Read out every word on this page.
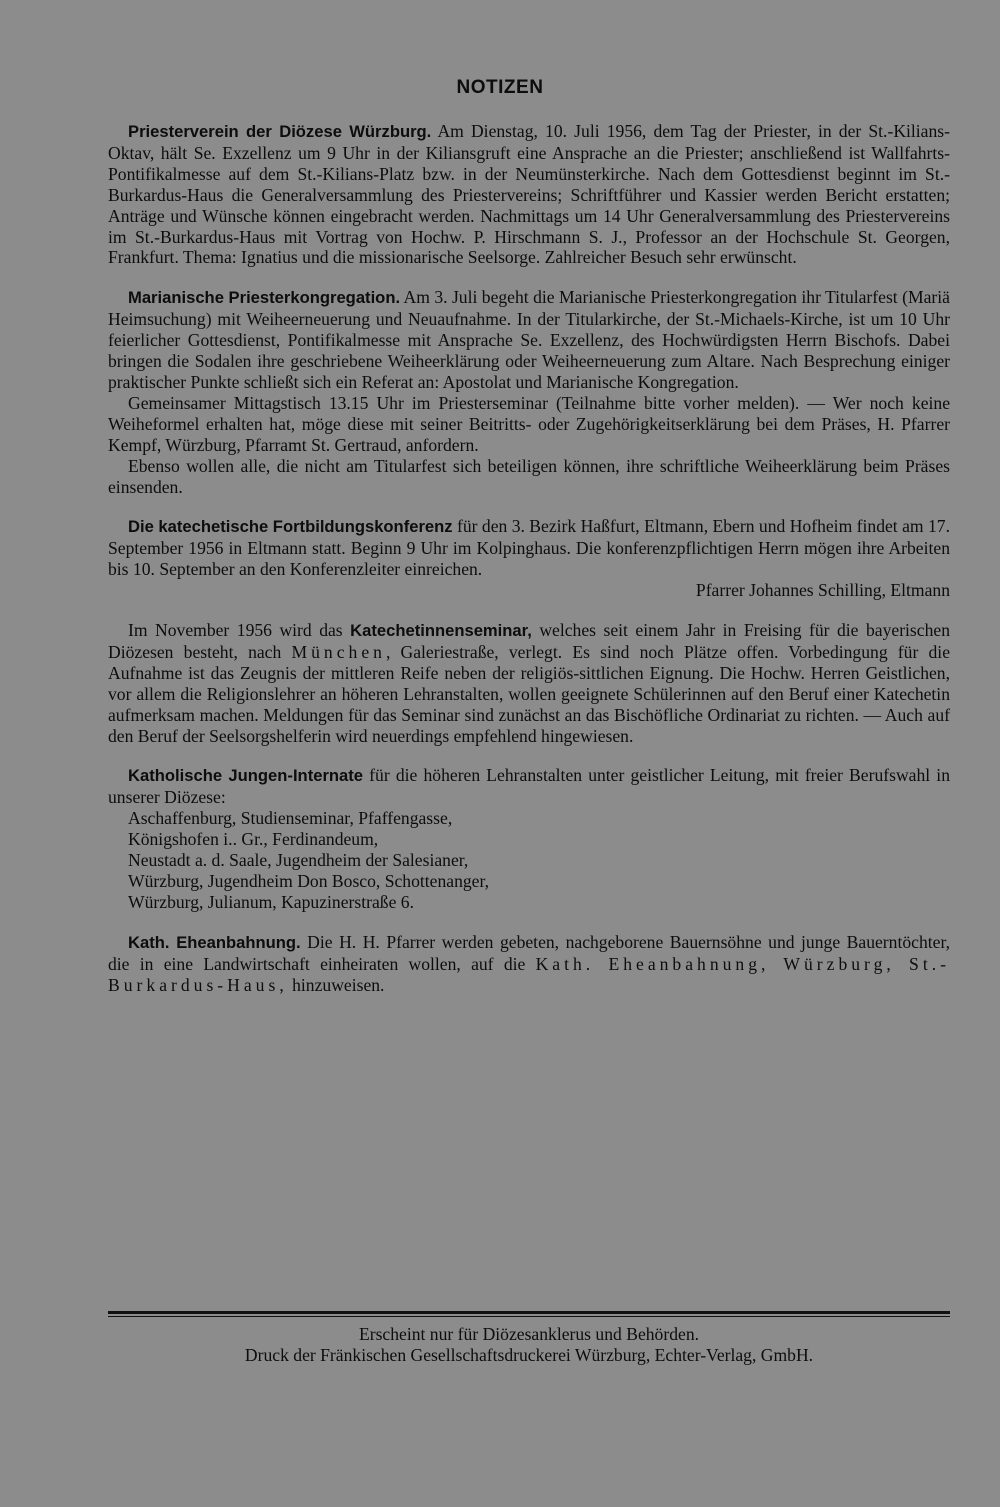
NOTIZEN

Priesterverein der Diözese Würzburg. Am Dienstag, 10. Juli 1956, dem Tag der Priester, in der St.-Kilians-Oktav, hält Se. Exzellenz um 9 Uhr in der Kiliansgruft eine Ansprache an die Priester; anschließend ist Wallfahrts-Pontifikalmesse auf dem St.-Kilians-Platz bzw. in der Neumünsterkirche. Nach dem Gottesdienst beginnt im St.-Burkardus-Haus die Generalversammlung des Priestervereins; Schriftführer und Kassier werden Bericht erstatten; Anträge und Wünsche können eingebracht werden. Nachmittags um 14 Uhr Generalversammlung des Priestervereins im St.-Burkardus-Haus mit Vortrag von Hochw. P. Hirschmann S. J., Professor an der Hochschule St. Georgen, Frankfurt. Thema: Ignatius und die missionarische Seelsorge. Zahlreicher Besuch sehr erwünscht.

Marianische Priesterkongregation. Am 3. Juli begeht die Marianische Priesterkongregation ihr Titularfest (Mariä Heimsuchung) mit Weiheerneuerung und Neuaufnahme. In der Titularkirche, der St.-Michaels-Kirche, ist um 10 Uhr feierlicher Gottesdienst, Pontifikalmesse mit Ansprache Se. Exzellenz, des Hochwürdigsten Herrn Bischofs. Dabei bringen die Sodalen ihre geschriebene Weiheerklärung oder Weiheerneuerung zum Altare. Nach Besprechung einiger praktischer Punkte schließt sich ein Referat an: Apostolat und Marianische Kongregation.

Gemeinsamer Mittagstisch 13.15 Uhr im Priesterseminar (Teilnahme bitte vorher melden). — Wer noch keine Weiheformel erhalten hat, möge diese mit seiner Beitritts- oder Zugehörigkeitserklärung bei dem Präses, H. Pfarrer Kempf, Würzburg, Pfarramt St. Gertraud, anfordern.

Ebenso wollen alle, die nicht am Titularfest sich beteiligen können, ihre schriftliche Weiheerklärung beim Präses einsenden.

Die katechetische Fortbildungskonferenz für den 3. Bezirk Haßfurt, Eltmann, Ebern und Hofheim findet am 17. September 1956 in Eltmann statt. Beginn 9 Uhr im Kolpinghaus. Die konferenzpflichtigen Herrn mögen ihre Arbeiten bis 10. September an den Konferenzleiter einreichen.

Pfarrer Johannes Schilling, Eltmann

Im November 1956 wird das Katechetinnenseminar, welches seit einem Jahr in Freising für die bayerischen Diözesen besteht, nach München, Galeriestraße, verlegt. Es sind noch Plätze offen. Vorbedingung für die Aufnahme ist das Zeugnis der mittleren Reife neben der religiös-sittlichen Eignung. Die Hochw. Herren Geistlichen, vor allem die Religionslehrer an höheren Lehranstalten, wollen geeignete Schülerinnen auf den Beruf einer Katechetin aufmerksam machen. Meldungen für das Seminar sind zunächst an das Bischöfliche Ordinariat zu richten. — Auch auf den Beruf der Seelsorgshelferin wird neuerdings empfehlend hingewiesen.

Katholische Jungen-Internate für die höheren Lehranstalten unter geistlicher Leitung, mit freier Berufswahl in unserer Diözese:

Aschaffenburg, Studienseminar, Pfaffengasse,
Königshofen i.. Gr., Ferdinandeum,
Neustadt a. d. Saale, Jugendheim der Salesianer,
Würzburg, Jugendheim Don Bosco, Schottenanger,
Würzburg, Julianum, Kapuzinerstraße 6.

Kath. Eheanbahnung. Die H. H. Pfarrer werden gebeten, nachgeborene Bauernsöhne und junge Bauerntöchter, die in eine Landwirtschaft einheiraten wollen, auf die Kath. Eheanbahnung, Würzburg, St.-Burkardus-Haus, hinzuweisen.

Erscheint nur für Diözesanklerus und Behörden.
Druck der Fränkischen Gesellschaftsdruckerei Würzburg, Echter-Verlag, GmbH.
